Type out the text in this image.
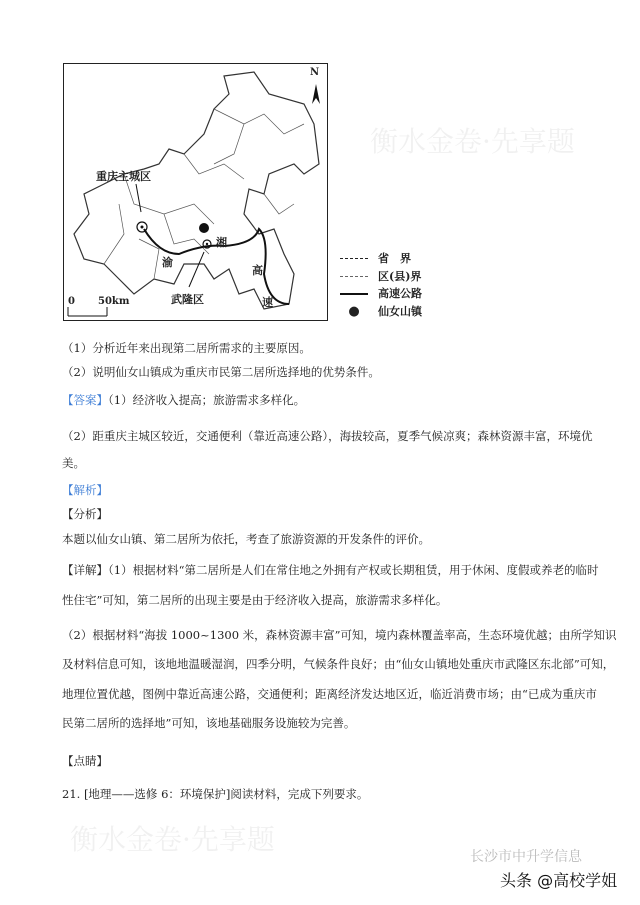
衡水金卷·先享题
衡水金卷·先享题
N
重庆主城区
武隆区
渝
湘
高
速
0 50km
省　界
区(县)界
高速公路
●	仙女山镇
（1）分析近年来出现第二居所需求的主要原因。
（2）说明仙女山镇成为重庆市民第二居所选择地的优势条件。
【答案】（1）经济收入提高；旅游需求多样化。
（2）距重庆主城区较近，交通便利（靠近高速公路），海拔较高，夏季气候凉爽；森林资源丰富，环境优
美。
【解析】
【分析】
本题以仙女山镇、第二居所为依托，考查了旅游资源的开发条件的评价。
【详解】（1）根据材料“第二居所是人们在常住地之外拥有产权或长期租赁，用于休闲、度假或养老的临时
性住宅”可知，第二居所的出现主要是由于经济收入提高，旅游需求多样化。
（2）根据材料“海拔 1000~1300 米，森林资源丰富”可知，境内森林覆盖率高，生态环境优越；由所学知识
及材料信息可知，该地地温暖湿润，四季分明，气候条件良好；由“仙女山镇地处重庆市武隆区东北部”可知，
地理位置优越，图例中靠近高速公路，交通便利；距离经济发达地区近，临近消费市场；由“已成为重庆市
民第二居所的选择地”可知，该地基础服务设施较为完善。
【点睛】
21. [地理——选修 6：环境保护]阅读材料，完成下列要求。
长沙市中升学信息
头条 @高校学姐
